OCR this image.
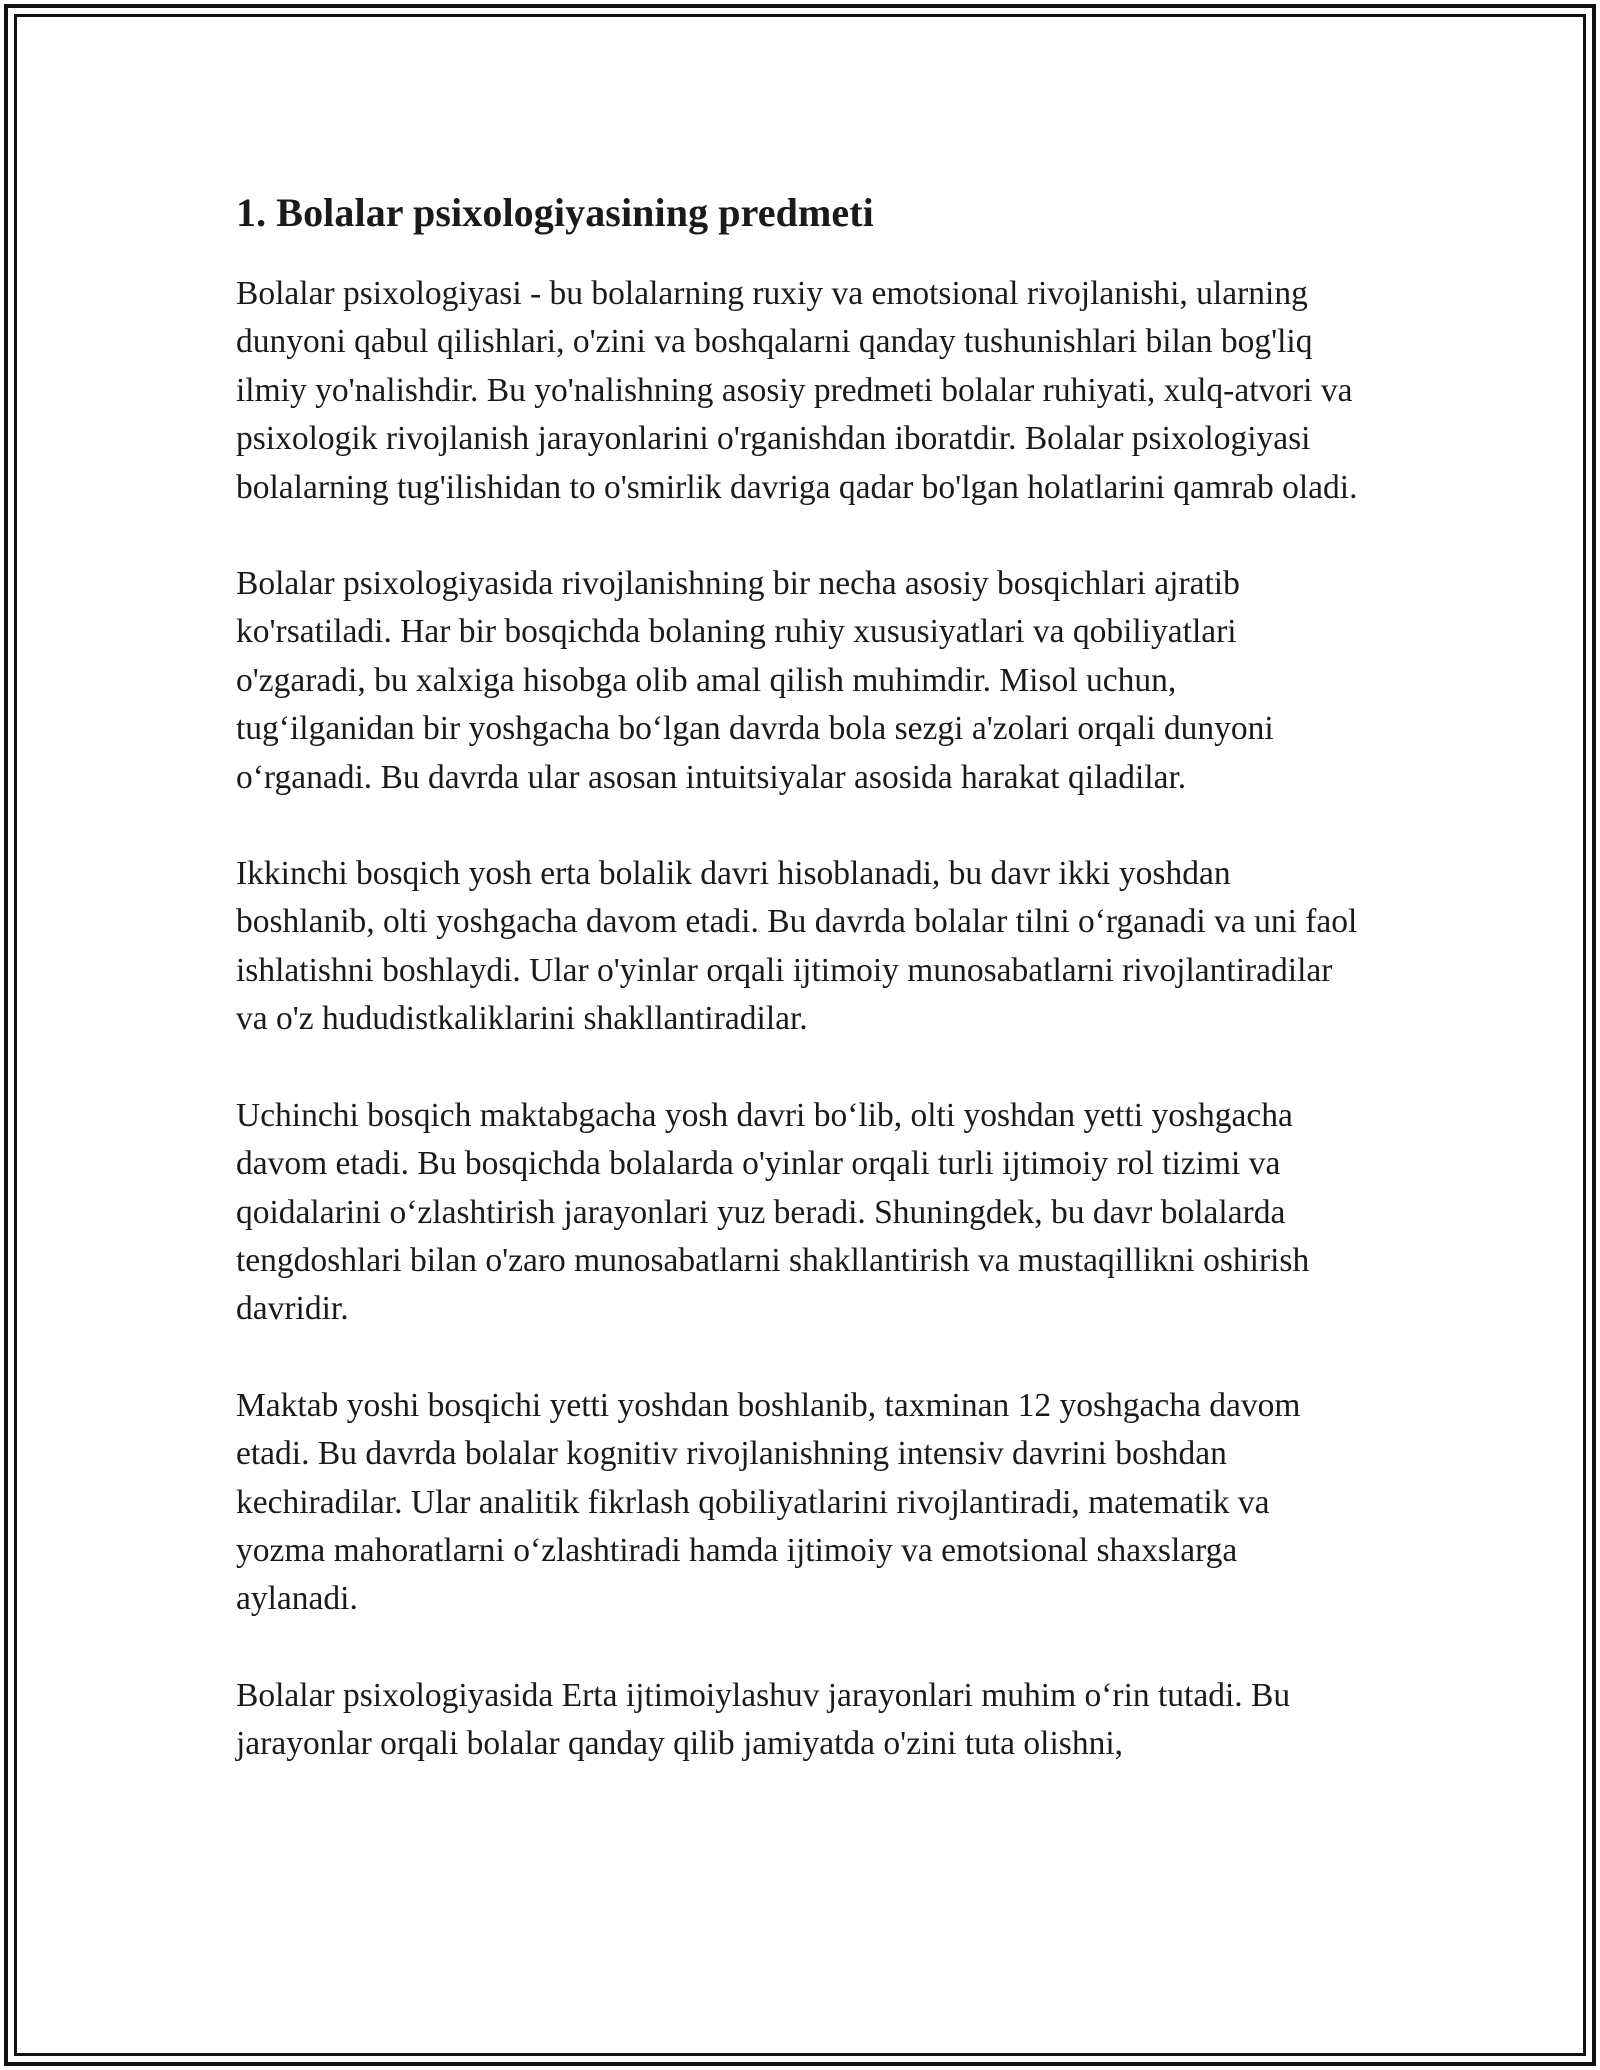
1. Bolalar psixologiyasining predmeti

Bolalar psixologiyasi - bu bolalarning ruxiy va emotsional rivojlanishi, ularning dunyoni qabul qilishlari, o'zini va boshqalarni qanday tushunishlari bilan bog'liq ilmiy yo'nalishdir. Bu yo'nalishning asosiy predmeti bolalar ruhiyati, xulq-atvori va psixologik rivojlanish jarayonlarini o'rganishdan iboratdir. Bolalar psixologiyasi bolalarning tug'ilishidan to o'smirlik davriga qadar bo'lgan holatlarini qamrab oladi.

Bolalar psixologiyasida rivojlanishning bir necha asosiy bosqichlari ajratib ko'rsatiladi. Har bir bosqichda bolaning ruhiy xususiyatlari va qobiliyatlari o'zgaradi, bu xalxiga hisobga olib amal qilish muhimdir. Misol uchun, tug‘ilganidan bir yoshgacha bo‘lgan davrda bola sezgi a'zolari orqali dunyoni o‘rganadi. Bu davrda ular asosan intuitsiyalar asosida harakat qiladilar.

Ikkinchi bosqich yosh erta bolalik davri hisoblanadi, bu davr ikki yoshdan boshlanib, olti yoshgacha davom etadi. Bu davrda bolalar tilni o‘rganadi va uni faol ishlatishni boshlaydi. Ular o'yinlar orqali ijtimoiy munosabatlarni rivojlantiradilar va o'z hududistkaliklarini shakllantiradilar.

Uchinchi bosqich maktabgacha yosh davri bo‘lib, olti yoshdan yetti yoshgacha davom etadi. Bu bosqichda bolalarda o'yinlar orqali turli ijtimoiy rol tizimi va qoidalarini o‘zlashtirish jarayonlari yuz beradi. Shuningdek, bu davr bolalarda tengdoshlari bilan o'zaro munosabatlarni shakllantirish va mustaqillikni oshirish davridir.

Maktab yoshi bosqichi yetti yoshdan boshlanib, taxminan 12 yoshgacha davom etadi. Bu davrda bolalar kognitiv rivojlanishning intensiv davrini boshdan kechiradilar. Ular analitik fikrlash qobiliyatlarini rivojlantiradi, matematik va yozma mahoratlarni o‘zlashtiradi hamda ijtimoiy va emotsional shaxslarga aylanadi.

Bolalar psixologiyasida Erta ijtimoiylashuv jarayonlari muhim o‘rin tutadi. Bu jarayonlar orqali bolalar qanday qilib jamiyatda o'zini tuta olishni,
